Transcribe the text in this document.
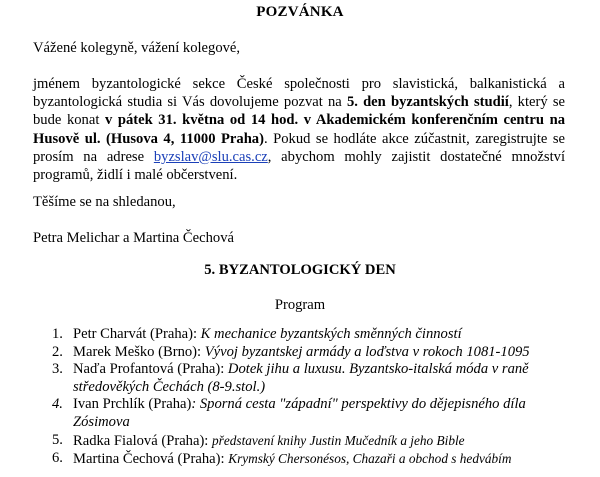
POZVÁNKA
Vážené kolegyně, vážení kolegové,
jménem byzantologické sekce České společnosti pro slavistická, balkanistická a byzantologická studia si Vás dovolujeme pozvat na 5. den byzantských studií, který se bude konat v pátek 31. května od 14 hod. v Akademickém konferenčním centru na Husově ul. (Husova 4, 11000 Praha). Pokud se hodláte akce zúčastnit, zaregistrujte se prosím na adrese byzslav@slu.cas.cz, abychom mohly zajistit dostatečné množství programů, židlí i malé občerstvení.
Těšíme se na shledanou,
Petra Melichar a Martina Čechová
5. BYZANTOLOGICKÝ DEN
Program
1. Petr Charvát (Praha): K mechanice byzantských směnných činností
2. Marek Meško (Brno): Vývoj byzantskej armády a loďstva v rokoch 1081-1095
3. Naďa Profantová (Praha): Dotek jihu a luxusu. Byzantsko-italská móda v raně středověkých Čechách (8-9.stol.)
4. Ivan Prchlík (Praha): Sporná cesta "západní" perspektivy do dějepisného díla Zósimova
5. Radka Fialová (Praha): představení knihy Justin Mučedník a jeho Bible
6. Martina Čechová (Praha): Krymský Chersonésos, Chazaři a obchod s hedvábím
